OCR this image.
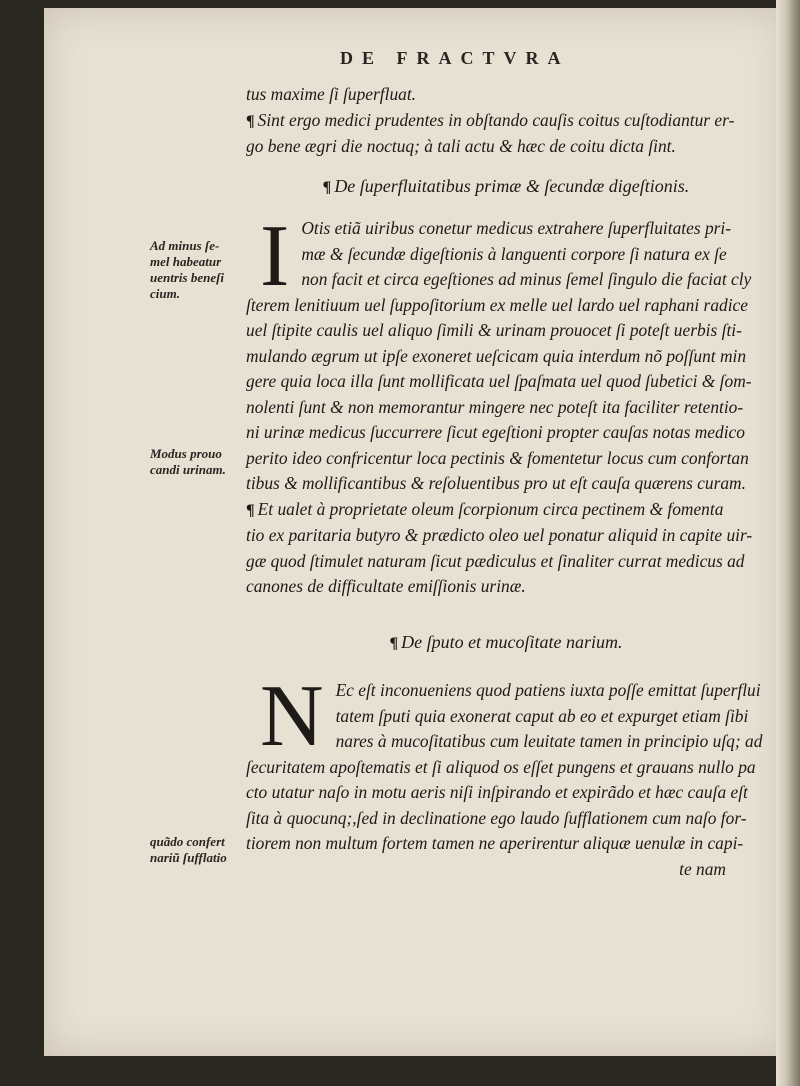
DE FRACTVRA
Ad minus ſe-
mel habeatur
uentris beneſi
cium.
Modus prouo
candi urinam.
quãdo confert
nariũ ſufflatio
tus maxime ſi ſuperfluat.
¶ Sint ergo medici prudentes in obſtando cauſis coitus cuſtodiantur er-
go bene ægri die noctuq; à tali actu & hæc de coitu dicta ſint.
¶ De ſuperfluitatibus primæ & ſecundæ digeſtionis.
I Otis etiã uiribus conetur medicus extrahere ſuperfluitates pri-
mæ & ſecundæ digeſtionis à languenti corpore ſi natura ex ſe
non facit et circa egeſtiones ad minus ſemel ſingulo die faciat cly
ſterem lenitiuum uel ſuppoſitorium ex melle uel lardo uel raphani radice
uel ſtipite caulis uel aliquo ſimili & urinam prouocet ſi poteſt uerbis ſti-
mulando ægrum ut ipſe exoneret ueſcicam quia interdum nõ poſſunt min
gere quia loca illa ſunt mollificata uel ſpaſmata uel quod ſubetici & ſom-
nolenti ſunt & non memorantur mingere nec poteſt ita faciliter retentio-
ni urinæ medicus ſuccurrere ſicut egeſtioni propter cauſas notas medico
perito ideo confricentur loca pectinis & fomentetur locus cum confortan
tibus & mollificantibus & reſoluentibus pro ut eſt cauſa quærens curam.
¶ Et ualet à proprietate oleum ſcorpionum circa pectinem & fomenta
tio ex paritaria butyro & prædicto oleo uel ponatur aliquid in capite uir-
gæ quod ſtimulet naturam ſicut pædiculus et ſinaliter currat medicus ad
canones de difficultate emiſſionis urinæ.
¶ De ſputo et mucoſitate narium.
N Ec eſt inconueniens quod patiens iuxta poſſe emittat ſuperflui
tatem ſputi quia exonerat caput ab eo et expurget etiam ſibi
nares à mucoſitatibus cum leuitate tamen in principio uſq; ad
ſecuritatem apoſtematis et ſi aliquod os eſſet pungens et grauans nullo pa
cto utatur naſo in motu aeris niſi inſpirando et expirãdo et hæc cauſa eſt
ſita à quocunq;,ſed in declinatione ego laudo ſufflationem cum naſo for-
tiorem non multum fortem tamen ne aperirentur aliquæ uenulæ in capi-
te nam
